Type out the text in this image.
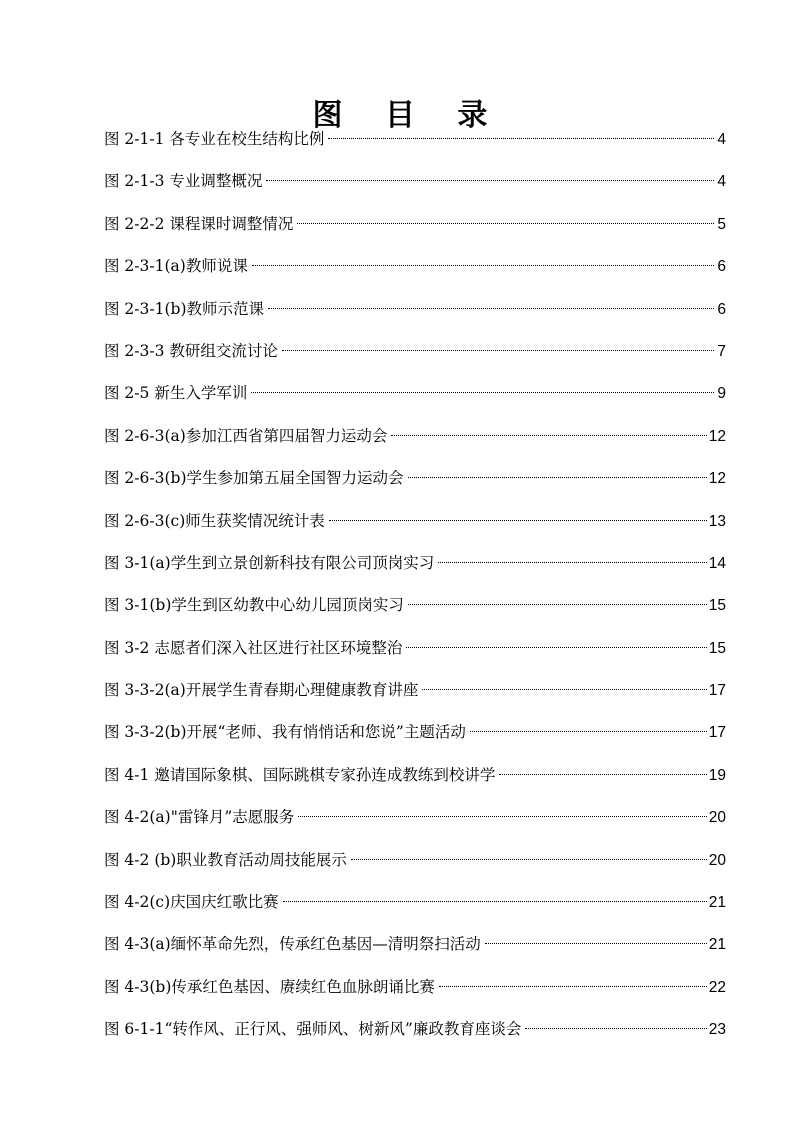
图 目 录
图 2-1-1 各专业在校生结构比例	4
图 2-1-3 专业调整概况	4
图 2-2-2 课程课时调整情况	5
图 2-3-1(a)教师说课	6
图 2-3-1(b)教师示范课	6
图 2-3-3 教研组交流讨论	7
图 2-5 新生入学军训	9
图 2-6-3(a)参加江西省第四届智力运动会	12
图 2-6-3(b)学生参加第五届全国智力运动会	12
图 2-6-3(c)师生获奖情况统计表	13
图 3-1(a)学生到立景创新科技有限公司顶岗实习	14
图 3-1(b)学生到区幼教中心幼儿园顶岗实习	15
图 3-2 志愿者们深入社区进行社区环境整治	15
图 3-3-2(a)开展学生青春期心理健康教育讲座	17
图 3-3-2(b)开展“老师、我有悄悄话和您说”主题活动	17
图 4-1 邀请国际象棋、国际跳棋专家孙连成教练到校讲学	19
图 4-2(a)"雷锋月”志愿服务	20
图 4-2 (b)职业教育活动周技能展示	20
图 4-2(c)庆国庆红歌比赛	21
图 4-3(a)缅怀革命先烈，传承红色基因—清明祭扫活动	21
图 4-3(b)传承红色基因、赓续红色血脉朗诵比赛	22
图 6-1-1“转作风、正行风、强师风、树新风”廉政教育座谈会	23
